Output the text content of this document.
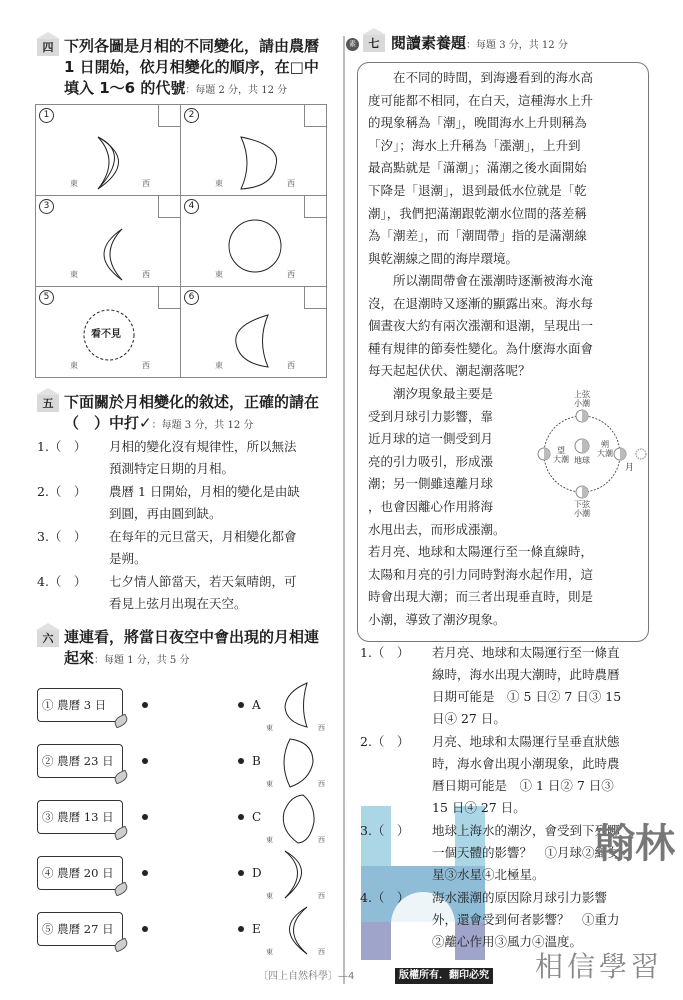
四 下列各圖是月相的不同變化，請由農曆
1 日開始，依月相變化的順序，在□中
填入 1～6 的代號：每題 2 分，共 12 分
1
東	西
2
東	西
3
東	西
4
東	西
5
看不見
東	西
6
東	西
五 下面關於月相變化的敘述，正確的請在
（　）中打✓：每題 3 分，共 12 分
1.（　） 月相的變化沒有規律性，所以無法
預測特定日期的月相。
2.（　） 農曆 1 日開始，月相的變化是由缺
到圓，再由圓到缺。
3.（　） 在每年的元旦當天，月相變化都會
是朔。
4.（　） 七夕情人節當天，若天氣晴朗，可
看見上弦月出現在天空。
六 連連看，將當日夜空中會出現的月相連
起來：每題 1 分，共 5 分
① 農曆 3 日
② 農曆 23 日
③ 農曆 13 日
④ 農曆 20 日
⑤ 農曆 27 日
A
B
C
D
E
東	西
東	西
東	西
東	西
東	西
素	七 閱讀素養題：每題 3 分，共 12 分
　　在不同的時間，到海邊看到的海水高
度可能都不相同，在白天，這種海水上升
的現象稱為「潮」，晚間海水上升則稱為
「汐」；海水上升稱為「漲潮」，上升到
最高點就是「滿潮」；滿潮之後水面開始
下降是「退潮」，退到最低水位就是「乾
潮」，我們把滿潮跟乾潮水位間的落差稱
為「潮差」，而「潮間帶」指的是滿潮線
與乾潮線之間的海岸環境。
　　所以潮間帶會在漲潮時逐漸被海水淹
沒，在退潮時又逐漸的顯露出來。海水每
個晝夜大約有兩次漲潮和退潮，呈現出一
種有規律的節奏性變化。為什麼海水面會
每天起起伏伏、潮起潮落呢？
　　潮汐現象最主要是
受到月球引力影響，靠
近月球的這一側受到月
亮的引力吸引，形成漲
潮；另一側雖遠離月球
，也會因離心作用將海
水甩出去，而形成漲潮。
若月亮、地球和太陽運行至一條直線時，
太陽和月亮的引力同時對海水起作用，這
時會出現大潮；而三者出現垂直時，則是
小潮，導致了潮汐現象。
上弦
小潮
下弦
小潮
望
大潮
朔
大潮
地球
月
1.（　） 若月亮、地球和太陽運行至一條直
線時，海水出現大潮時，此時農曆
日期可能是　① 5 日② 7 日③ 15
日④ 27 日。
2.（　） 月亮、地球和太陽運行呈垂直狀態
時，海水會出現小潮現象，此時農
曆日期可能是　① 1 日② 7 日③
15 日④ 27 日。
3.（　） 地球上海水的潮汐，會受到下列哪
一個天體的影響？　①月球②織女
星③水星④北極星。
4.（　） 海水漲潮的原因除月球引力影響
外，還會受到何者影響？　①重力
②離心作用③風力④溫度。
翰林
相信學習
〔四上自然科學〕—4	版權所有．翻印必究
